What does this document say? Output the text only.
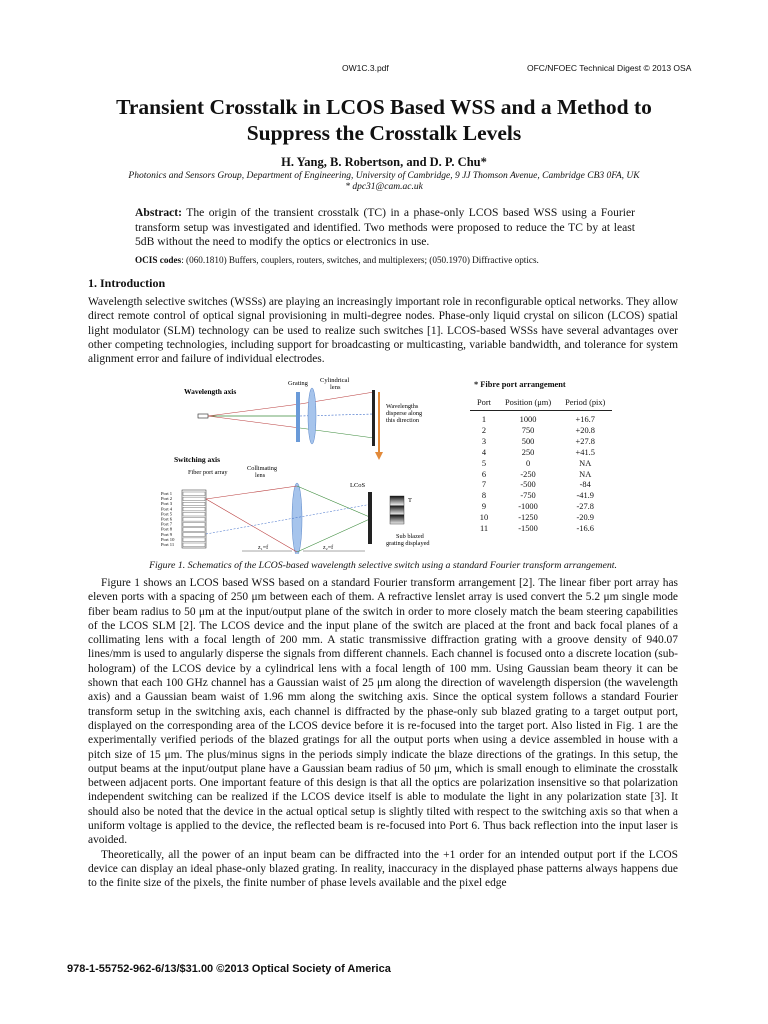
OW1C.3.pdf	OFC/NFOEC Technical Digest © 2013 OSA
Transient Crosstalk in LCOS Based WSS and a Method to
Suppress the Crosstalk Levels
H. Yang, B. Robertson, and D. P. Chu*
Photonics and Sensors Group, Department of Engineering, University of Cambridge, 9 JJ Thomson Avenue, Cambridge CB3 0FA, UK
* dpc31@cam.ac.uk
Abstract: The origin of the transient crosstalk (TC) in a phase-only LCOS based WSS using a Fourier transform setup was investigated and identified. Two methods were proposed to reduce the TC by at least 5dB without the need to modify the optics or electronics in use.
OCIS codes: (060.1810) Buffers, couplers, routers, switches, and multiplexers; (050.1970) Diffractive optics.
1. Introduction

Wavelength selective switches (WSSs) are playing an increasingly important role in reconfigurable optical networks. They allow direct remote control of optical signal provisioning in multi-degree nodes. Phase-only liquid crystal on silicon (LCOS) spatial light modulator (SLM) technology can be used to realize such switches [1]. LCOS-based WSSs have several advantages over other competing technologies, including support for broadcasting or multicasting, variable bandwidth, and tolerance for system alignment error and failure of individual electrodes.

Wavelength axis
Grating Cylindrical
lens
Wavelengths
disperse along
this direction
Switching axis
Fiber port array
Port 1
Port 2
Port 3
Port 4
Port 5
Port 6
Port 7
Port 8
Port 9
Port 10
Port 11
Collimating
lens
LCoS
T
Sub blazed
grating displayed
z₁=f	z₂=f
* Fibre port arrangement
Port	Position (μm)	Period (pix)
1	1000	+16.7
2	750	+20.8
3	500	+27.8
4	250	+41.5
5	0	NA
6	-250	NA
7	-500	-84
8	-750	-41.9
9	-1000	-27.8
10	-1250	-20.9
11	-1500	-16.6
Figure 1. Schematics of the LCOS-based wavelength selective switch using a standard Fourier transform arrangement.

Figure 1 shows an LCOS based WSS based on a standard Fourier transform arrangement [2]. The linear fiber port array has eleven ports with a spacing of 250 μm between each of them. A refractive lenslet array is used convert the 5.2 μm single mode fiber beam radius to 50 μm at the input/output plane of the switch in order to more closely match the beam steering capabilities of the LCOS SLM [2]. The LCOS device and the input plane of the switch are placed at the front and back focal planes of a collimating lens with a focal length of 200 mm. A static transmissive diffraction grating with a groove density of 940.07 lines/mm is used to angularly disperse the signals from different channels. Each channel is focused onto a discrete location (sub-hologram) of the LCOS device by a cylindrical lens with a focal length of 100 mm. Using Gaussian beam theory it can be shown that each 100 GHz channel has a Gaussian waist of 25 μm along the direction of wavelength dispersion (the wavelength axis) and a Gaussian beam waist of 1.96 mm along the switching axis. Since the optical system follows a standard Fourier transform setup in the switching axis, each channel is diffracted by the phase-only sub blazed grating to a target output port, displayed on the corresponding area of the LCOS device before it is re-focused into the target port. Also listed in Fig. 1 are the experimentally verified periods of the blazed gratings for all the output ports when using a device assembled in house with a pitch size of 15 μm. The plus/minus signs in the periods simply indicate the blaze directions of the gratings. In this setup, the output beams at the input/output plane have a Gaussian beam radius of 50 μm, which is small enough to eliminate the crosstalk between adjacent ports. One important feature of this design is that all the optics are polarization insensitive so that polarization independent switching can be realized if the LCOS device itself is able to modulate the light in any polarization state [3]. It should also be noted that the device in the actual optical setup is slightly tilted with respect to the switching axis so that when a uniform voltage is applied to the device, the reflected beam is re-focused into Port 6. Thus back reflection into the input laser is avoided.

Theoretically, all the power of an input beam can be diffracted into the +1 order for an intended output port if the LCOS device can display an ideal phase-only blazed grating. In reality, inaccuracy in the displayed phase patterns always happens due to the finite size of the pixels, the finite number of phase levels available and the pixel edge

978-1-55752-962-6/13/$31.00 ©2013 Optical Society of America
